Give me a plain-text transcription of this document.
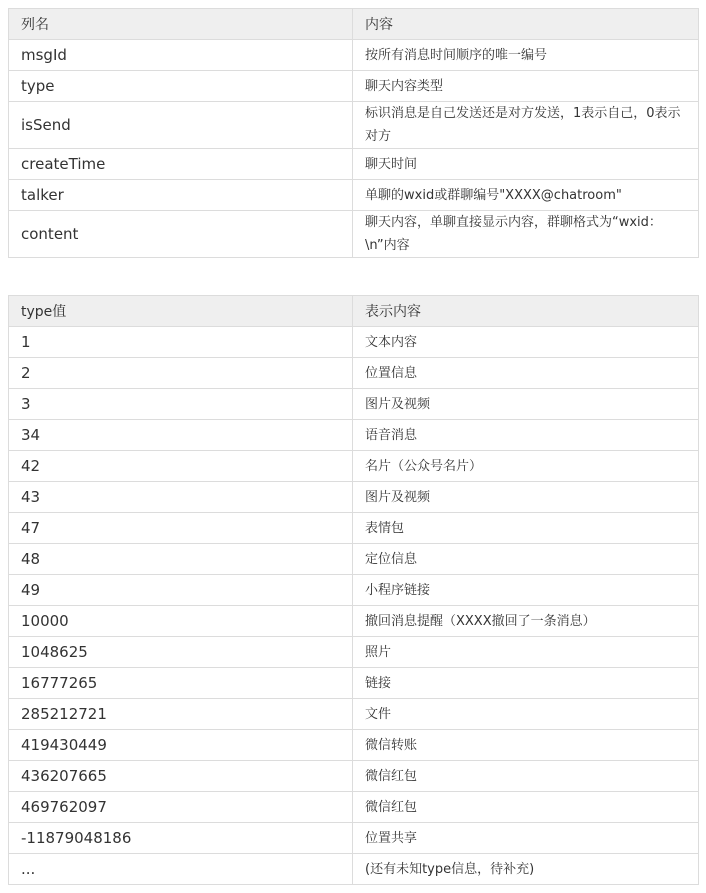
列名	内容
msgId	按所有消息时间顺序的唯一编号
type	聊天内容类型
isSend	标识消息是自己发送还是对方发送，1表示自己，0表示对方
createTime	聊天时间
talker	单聊的wxid或群聊编号"XXXX@chatroom"
content	聊天内容，单聊直接显示内容，群聊格式为“wxid：\n”内容
type值	表示内容
1	文本内容
2	位置信息
3	图片及视频
34	语音消息
42	名片（公众号名片）
43	图片及视频
47	表情包
48	定位信息
49	小程序链接
10000	撤回消息提醒（XXXX撤回了一条消息）
1048625	照片
16777265	链接
285212721	文件
419430449	微信转账
436207665	微信红包
469762097	微信红包
-11879048186	位置共享
...	(还有未知type信息，待补充)
